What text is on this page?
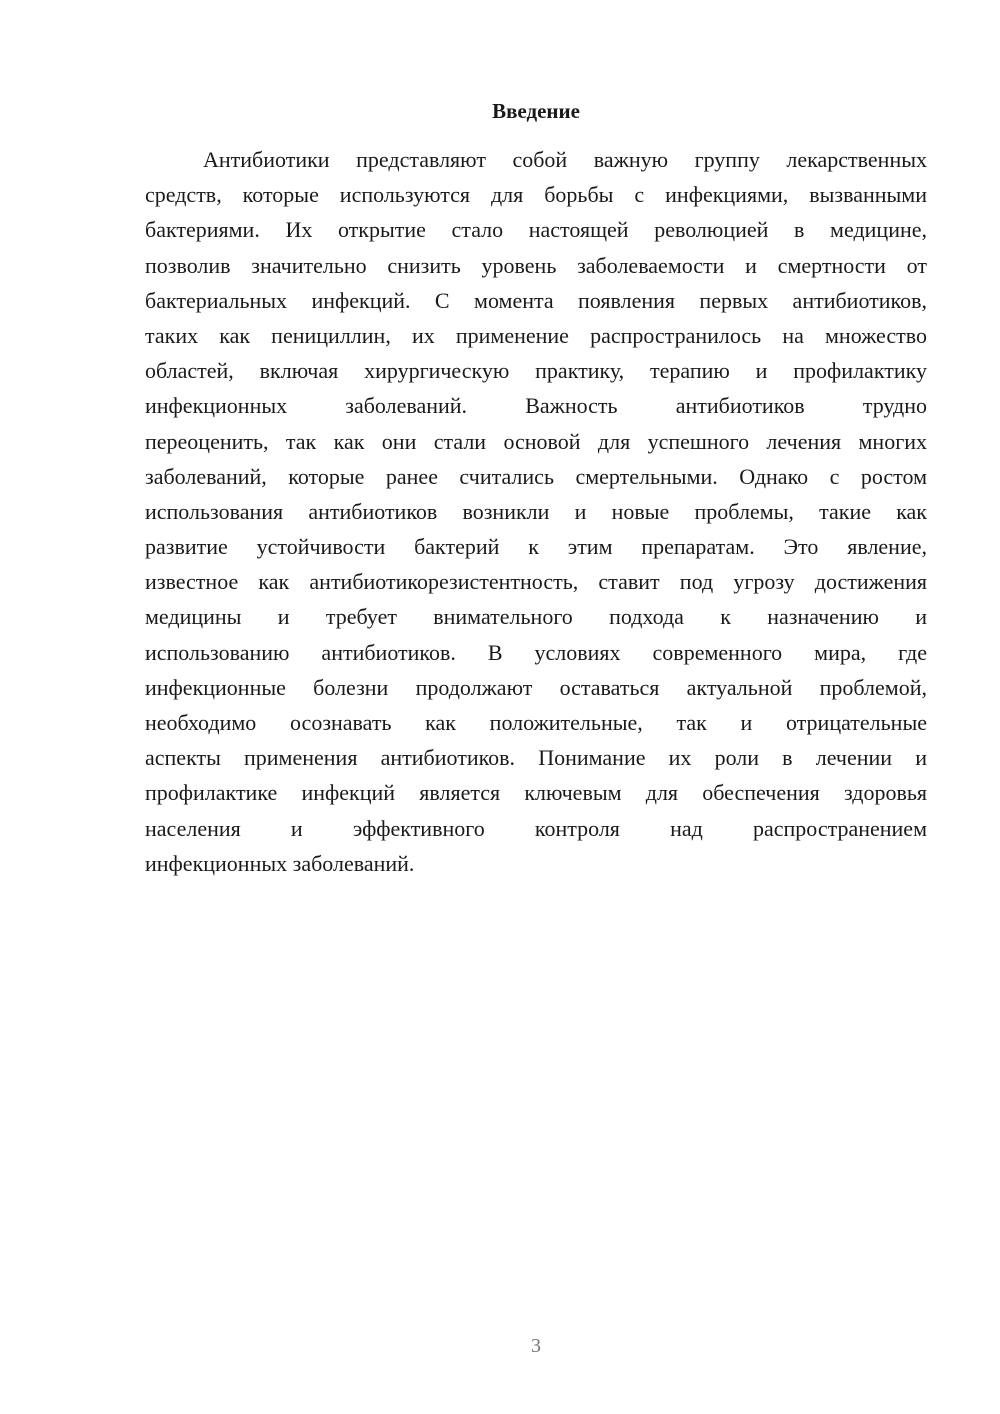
Введение
Антибиотики представляют собой важную группу лекарственных
средств, которые используются для борьбы с инфекциями, вызванными
бактериями. Их открытие стало настоящей революцией в медицине,
позволив значительно снизить уровень заболеваемости и смертности от
бактериальных инфекций. С момента появления первых антибиотиков,
таких как пенициллин, их применение распространилось на множество
областей, включая хирургическую практику, терапию и профилактику
инфекционных заболеваний. Важность антибиотиков трудно
переоценить, так как они стали основой для успешного лечения многих
заболеваний, которые ранее считались смертельными. Однако с ростом
использования антибиотиков возникли и новые проблемы, такие как
развитие устойчивости бактерий к этим препаратам. Это явление,
известное как антибиотикорезистентность, ставит под угрозу достижения
медицины и требует внимательного подхода к назначению и
использованию антибиотиков. В условиях современного мира, где
инфекционные болезни продолжают оставаться актуальной проблемой,
необходимо осознавать как положительные, так и отрицательные
аспекты применения антибиотиков. Понимание их роли в лечении и
профилактике инфекций является ключевым для обеспечения здоровья
населения и эффективного контроля над распространением
инфекционных заболеваний.
3
